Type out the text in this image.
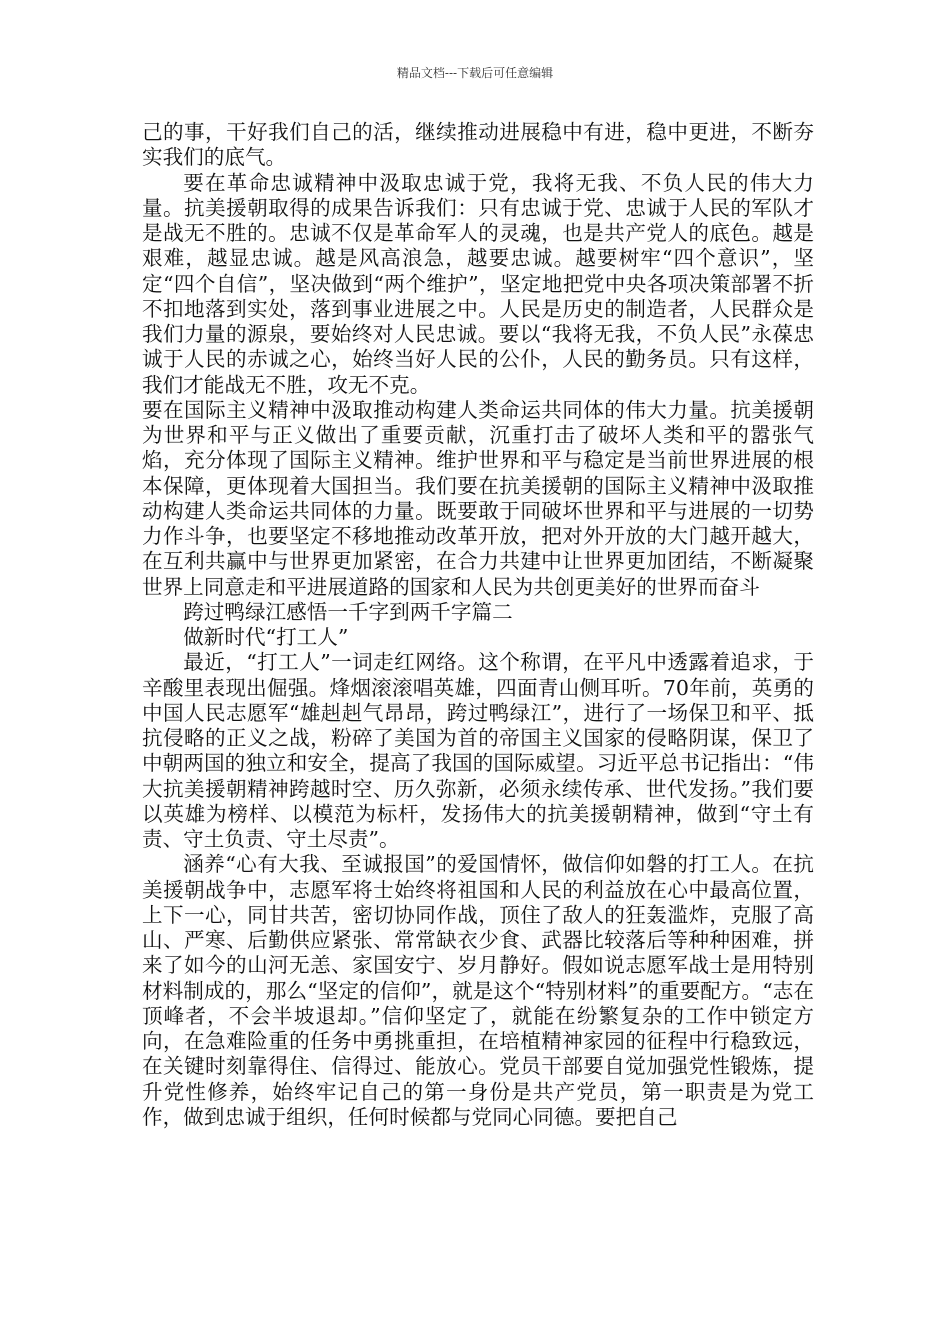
精品文档---下载后可任意编辑

己的事，干好我们自己的活，继续推动进展稳中有进，稳中更进，不断夯实我们的底气。

要在革命忠诚精神中汲取忠诚于党，我将无我、不负人民的伟大力量。抗美援朝取得的成果告诉我们：只有忠诚于党、忠诚于人民的军队才是战无不胜的。忠诚不仅是革命军人的灵魂，也是共产党人的底色。越是艰难，越显忠诚。越是风高浪急，越要忠诚。越要树牢“四个意识”，坚定“四个自信”，坚决做到“两个维护”，坚定地把党中央各项决策部署不折不扣地落到实处，落到事业进展之中。人民是历史的制造者，人民群众是我们力量的源泉，要始终对人民忠诚。要以“我将无我，不负人民”永葆忠诚于人民的赤诚之心，始终当好人民的公仆，人民的勤务员。只有这样，我们才能战无不胜，攻无不克。

要在国际主义精神中汲取推动构建人类命运共同体的伟大力量。抗美援朝为世界和平与正义做出了重要贡献，沉重打击了破坏人类和平的嚣张气焰，充分体现了国际主义精神。维护世界和平与稳定是当前世界进展的根本保障，更体现着大国担当。我们要在抗美援朝的国际主义精神中汲取推动构建人类命运共同体的力量。既要敢于同破坏世界和平与进展的一切势力作斗争，也要坚定不移地推动改革开放，把对外开放的大门越开越大，在互利共赢中与世界更加紧密，在合力共建中让世界更加团结，不断凝聚世界上同意走和平进展道路的国家和人民为共创更美好的世界而奋斗

跨过鸭绿江感悟一千字到两千字篇二

做新时代“打工人”

最近，“打工人”一词走红网络。这个称谓，在平凡中透露着追求，于辛酸里表现出倔强。烽烟滚滚唱英雄，四面青山侧耳听。70年前，英勇的中国人民志愿军“雄赳赳气昂昂，跨过鸭绿江”，进行了一场保卫和平、抵抗侵略的正义之战，粉碎了美国为首的帝国主义国家的侵略阴谋，保卫了中朝两国的独立和安全，提高了我国的国际威望。习近平总书记指出：“伟大抗美援朝精神跨越时空、历久弥新，必须永续传承、世代发扬。”我们要以英雄为榜样、以模范为标杆，发扬伟大的抗美援朝精神，做到“守土有责、守土负责、守土尽责”。

涵养“心有大我、至诚报国”的爱国情怀，做信仰如磐的打工人。在抗美援朝战争中，志愿军将士始终将祖国和人民的利益放在心中最高位置，上下一心，同甘共苦，密切协同作战，顶住了敌人的狂轰滥炸，克服了高山、严寒、后勤供应紧张、常常缺衣少食、武器比较落后等种种困难，拼来了如今的山河无恙、家国安宁、岁月静好。假如说志愿军战士是用特别材料制成的，那么“坚定的信仰”，就是这个“特别材料”的重要配方。“志在顶峰者，不会半坡退却。”信仰坚定了，就能在纷繁复杂的工作中锁定方向，在急难险重的任务中勇挑重担，在培植精神家园的征程中行稳致远，在关键时刻靠得住、信得过、能放心。党员干部要自觉加强党性锻炼，提升党性修养，始终牢记自己的第一身份是共产党员，第一职责是为党工作，做到忠诚于组织，任何时候都与党同心同德。要把自己
